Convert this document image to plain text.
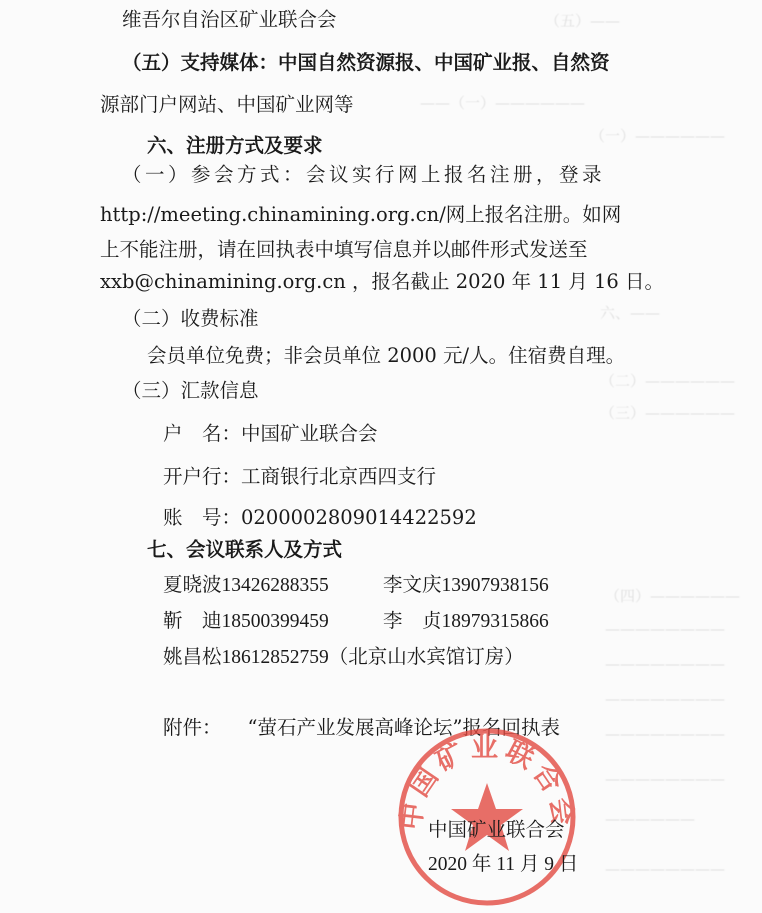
（五）——
——（一）——————
（一）——————
六、——
（二）——————
（三）——————
（四）——————
————————
————————
————————
————————
————————
——————
————————
维吾尔自治区矿业联合会
（五）支持媒体：中国自然资源报、中国矿业报、自然资
源部门户网站、中国矿业网等
六、注册方式及要求
（一）参会方式：会议实行网上报名注册，登录
http://meeting.chinamining.org.cn/网上报名注册。如网
上不能注册，请在回执表中填写信息并以邮件形式发送至
xxb@chinamining.org.cn ，报名截止 2020 年 11 月 16 日。
（二）收费标准
会员单位免费；非会员单位 2000 元/人。住宿费自理。
（三）汇款信息
户　名：中国矿业联合会
开户行：工商银行北京西四支行
账　号：0200002809014422592
七、会议联系人及方式
夏晓波13426288355	李文庆13907938156
靳　迪18500399459	李　贞18979315866
姚昌松18612852759（北京山水宾馆订房）
附件： “萤石产业发展高峰论坛”报名回执表
中国矿业联合会
中国矿业联合会
2020 年 11 月 9 日
